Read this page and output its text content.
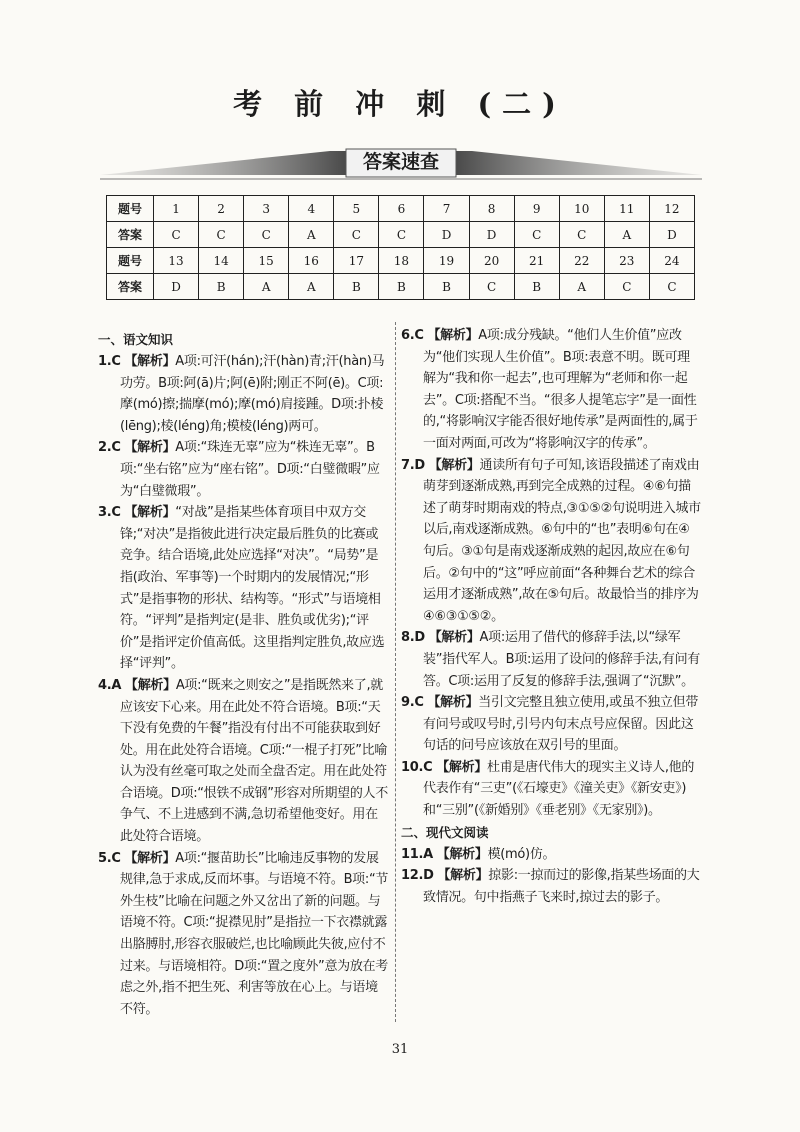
考 前 冲 刺 (二)
答案速查
题号	1	2	3	4	5	6	7	8	9	10	11	12
答案	C	C	C	A	C	C	D	D	C	C	A	D
题号	13	14	15	16	17	18	19	20	21	22	23	24
答案	D	B	A	A	B	B	B	C	B	A	C	C
一、语文知识
1.C 【解析】A项:可汗(hán);汗(hàn)青;汗(hàn)马功劳。B项:阿(ā)片;阿(ē)附;刚正不阿(ē)。C项:摩(mó)擦;揣摩(mó);摩(mó)肩接踵。D项:扑棱(lēng);棱(léng)角;模棱(léng)两可。
2.C 【解析】A项:“珠连无辜”应为“株连无辜”。B项:“坐右铭”应为“座右铭”。D项:“白璧微暇”应为“白璧微瑕”。
3.C 【解析】“对战”是指某些体育项目中双方交锋;“对决”是指彼此进行决定最后胜负的比赛或竞争。结合语境,此处应选择“对决”。“局势”是指(政治、军事等)一个时期内的发展情况;“形式”是指事物的形状、结构等。“形式”与语境相符。“评判”是指判定(是非、胜负或优劣);“评价”是指评定价值高低。这里指判定胜负,故应选择“评判”。
4.A 【解析】A项:“既来之则安之”是指既然来了,就应该安下心来。用在此处不符合语境。B项:“天下没有免费的午餐”指没有付出不可能获取到好处。用在此处符合语境。C项:“一棍子打死”比喻认为没有丝毫可取之处而全盘否定。用在此处符合语境。D项:“恨铁不成钢”形容对所期望的人不争气、不上进感到不满,急切希望他变好。用在此处符合语境。
5.C 【解析】A项:“揠苗助长”比喻违反事物的发展规律,急于求成,反而坏事。与语境不符。B项:“节外生枝”比喻在问题之外又岔出了新的问题。与语境不符。C项:“捉襟见肘”是指拉一下衣襟就露出胳膊肘,形容衣服破烂,也比喻顾此失彼,应付不过来。与语境相符。D项:“置之度外”意为放在考虑之外,指不把生死、利害等放在心上。与语境不符。
6.C 【解析】A项:成分残缺。“他们人生价值”应改为“他们实现人生价值”。B项:表意不明。既可理解为“我和你一起去”,也可理解为“老师和你一起去”。C项:搭配不当。“很多人提笔忘字”是一面性的,“将影响汉字能否很好地传承”是两面性的,属于一面对两面,可改为“将影响汉字的传承”。
7.D 【解析】通读所有句子可知,该语段描述了南戏由萌芽到逐渐成熟,再到完全成熟的过程。④⑥句描述了萌芽时期南戏的特点,③①⑤②句说明进入城市以后,南戏逐渐成熟。⑥句中的“也”表明⑥句在④句后。③①句是南戏逐渐成熟的起因,故应在⑥句后。②句中的“这”呼应前面“各种舞台艺术的综合运用才逐渐成熟”,故在⑤句后。故最恰当的排序为④⑥③①⑤②。
8.D 【解析】A项:运用了借代的修辞手法,以“绿军装”指代军人。B项:运用了设问的修辞手法,有问有答。C项:运用了反复的修辞手法,强调了“沉默”。
9.C 【解析】当引文完整且独立使用,或虽不独立但带有问号或叹号时,引号内句末点号应保留。因此这句话的问号应该放在双引号的里面。
10.C 【解析】杜甫是唐代伟大的现实主义诗人,他的代表作有“三吏”(《石壕吏》《潼关吏》《新安吏》)和“三别”(《新婚别》《垂老别》《无家别》)。
二、现代文阅读
11.A 【解析】模(mó)仿。
12.D 【解析】掠影:一掠而过的影像,指某些场面的大致情况。句中指燕子飞来时,掠过去的影子。
31
